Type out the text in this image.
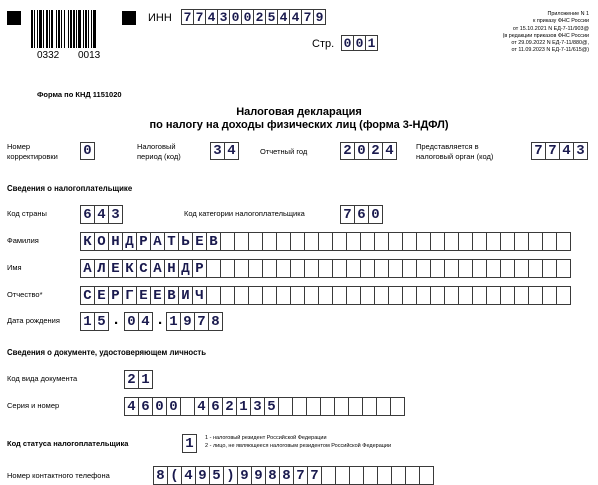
0332 0013
ИНН 7 7 4 3 0 0 2 5 4 4 7 9
Стр. 0 0 1
Приложение N 1
к приказу ФНС России
от 15.10.2021 N ЕД-7-11/903@
(в редакции приказов ФНС России
от 29.09.2022 N ЕД-7-11/880@,
от 11.09.2023 N ЕД-7-11/615@)
Форма по КНД 1151020
Налоговая декларация
по налогу на доходы физических лиц (форма 3-НДФЛ)
Номер
корректировки 0	Налоговый
период (код) 3 4	Отчетный год	2 0 2 4	Представляется в
налоговый орган (код)	7 7 4 3
Сведения о налогоплательщике
Код страны	6 4 3	Код категории налогоплательщика	7 6 0
Фамилия	К О Н Д Р А Т Ь Е В
Имя	А Л Е К С А Н Д Р
Отчество*	С Е Р Г Е Е В И Ч
Дата рождения 1 5 . 0 4 . 1 9 7 8
Сведения о документе, удостоверяющем личность
Код вида документа	2 1
Серия и номер	4 6 0 0 4 6 2 1 3 5
Код статуса налогоплательщика	1	1 - налоговый резидент Российской Федерации
2 - лицо, не являющееся налоговым резидентом Российской Федерации
Номер контактного телефона	8 ( 4 9 5 ) 9 9 8 8 7 7
